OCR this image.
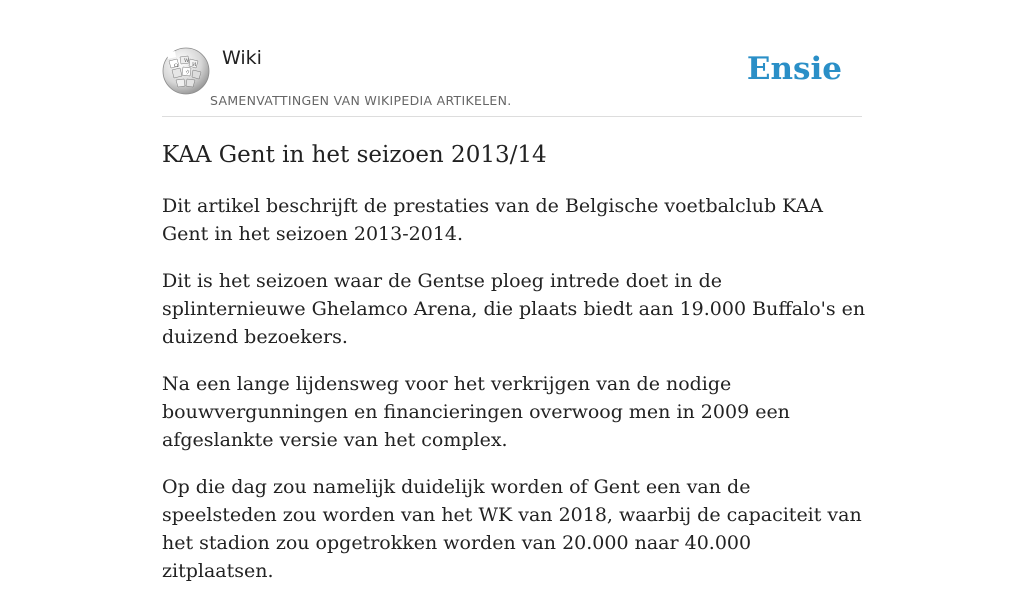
Ω
W
И
ウ
Wiki
SAMENVATTINGEN VAN WIKIPEDIA ARTIKELEN.
Ensie
KAA Gent in het seizoen 2013/14

Dit artikel beschrijft de prestaties van de Belgische voetbalclub KAA Gent in het seizoen 2013-2014.

Dit is het seizoen waar de Gentse ploeg intrede doet in de splinternieuwe Ghelamco Arena, die plaats biedt aan 19.000 Buffalo's en duizend bezoekers.

Na een lange lijdensweg voor het verkrijgen van de nodige bouwvergunningen en financieringen overwoog men in 2009 een afgeslankte versie van het complex.

Op die dag zou namelijk duidelijk worden of Gent een van de speelsteden zou worden van het WK van 2018, waarbij de capaciteit van het stadion zou opgetrokken worden van 20.000 naar 40.000 zitplaatsen.
